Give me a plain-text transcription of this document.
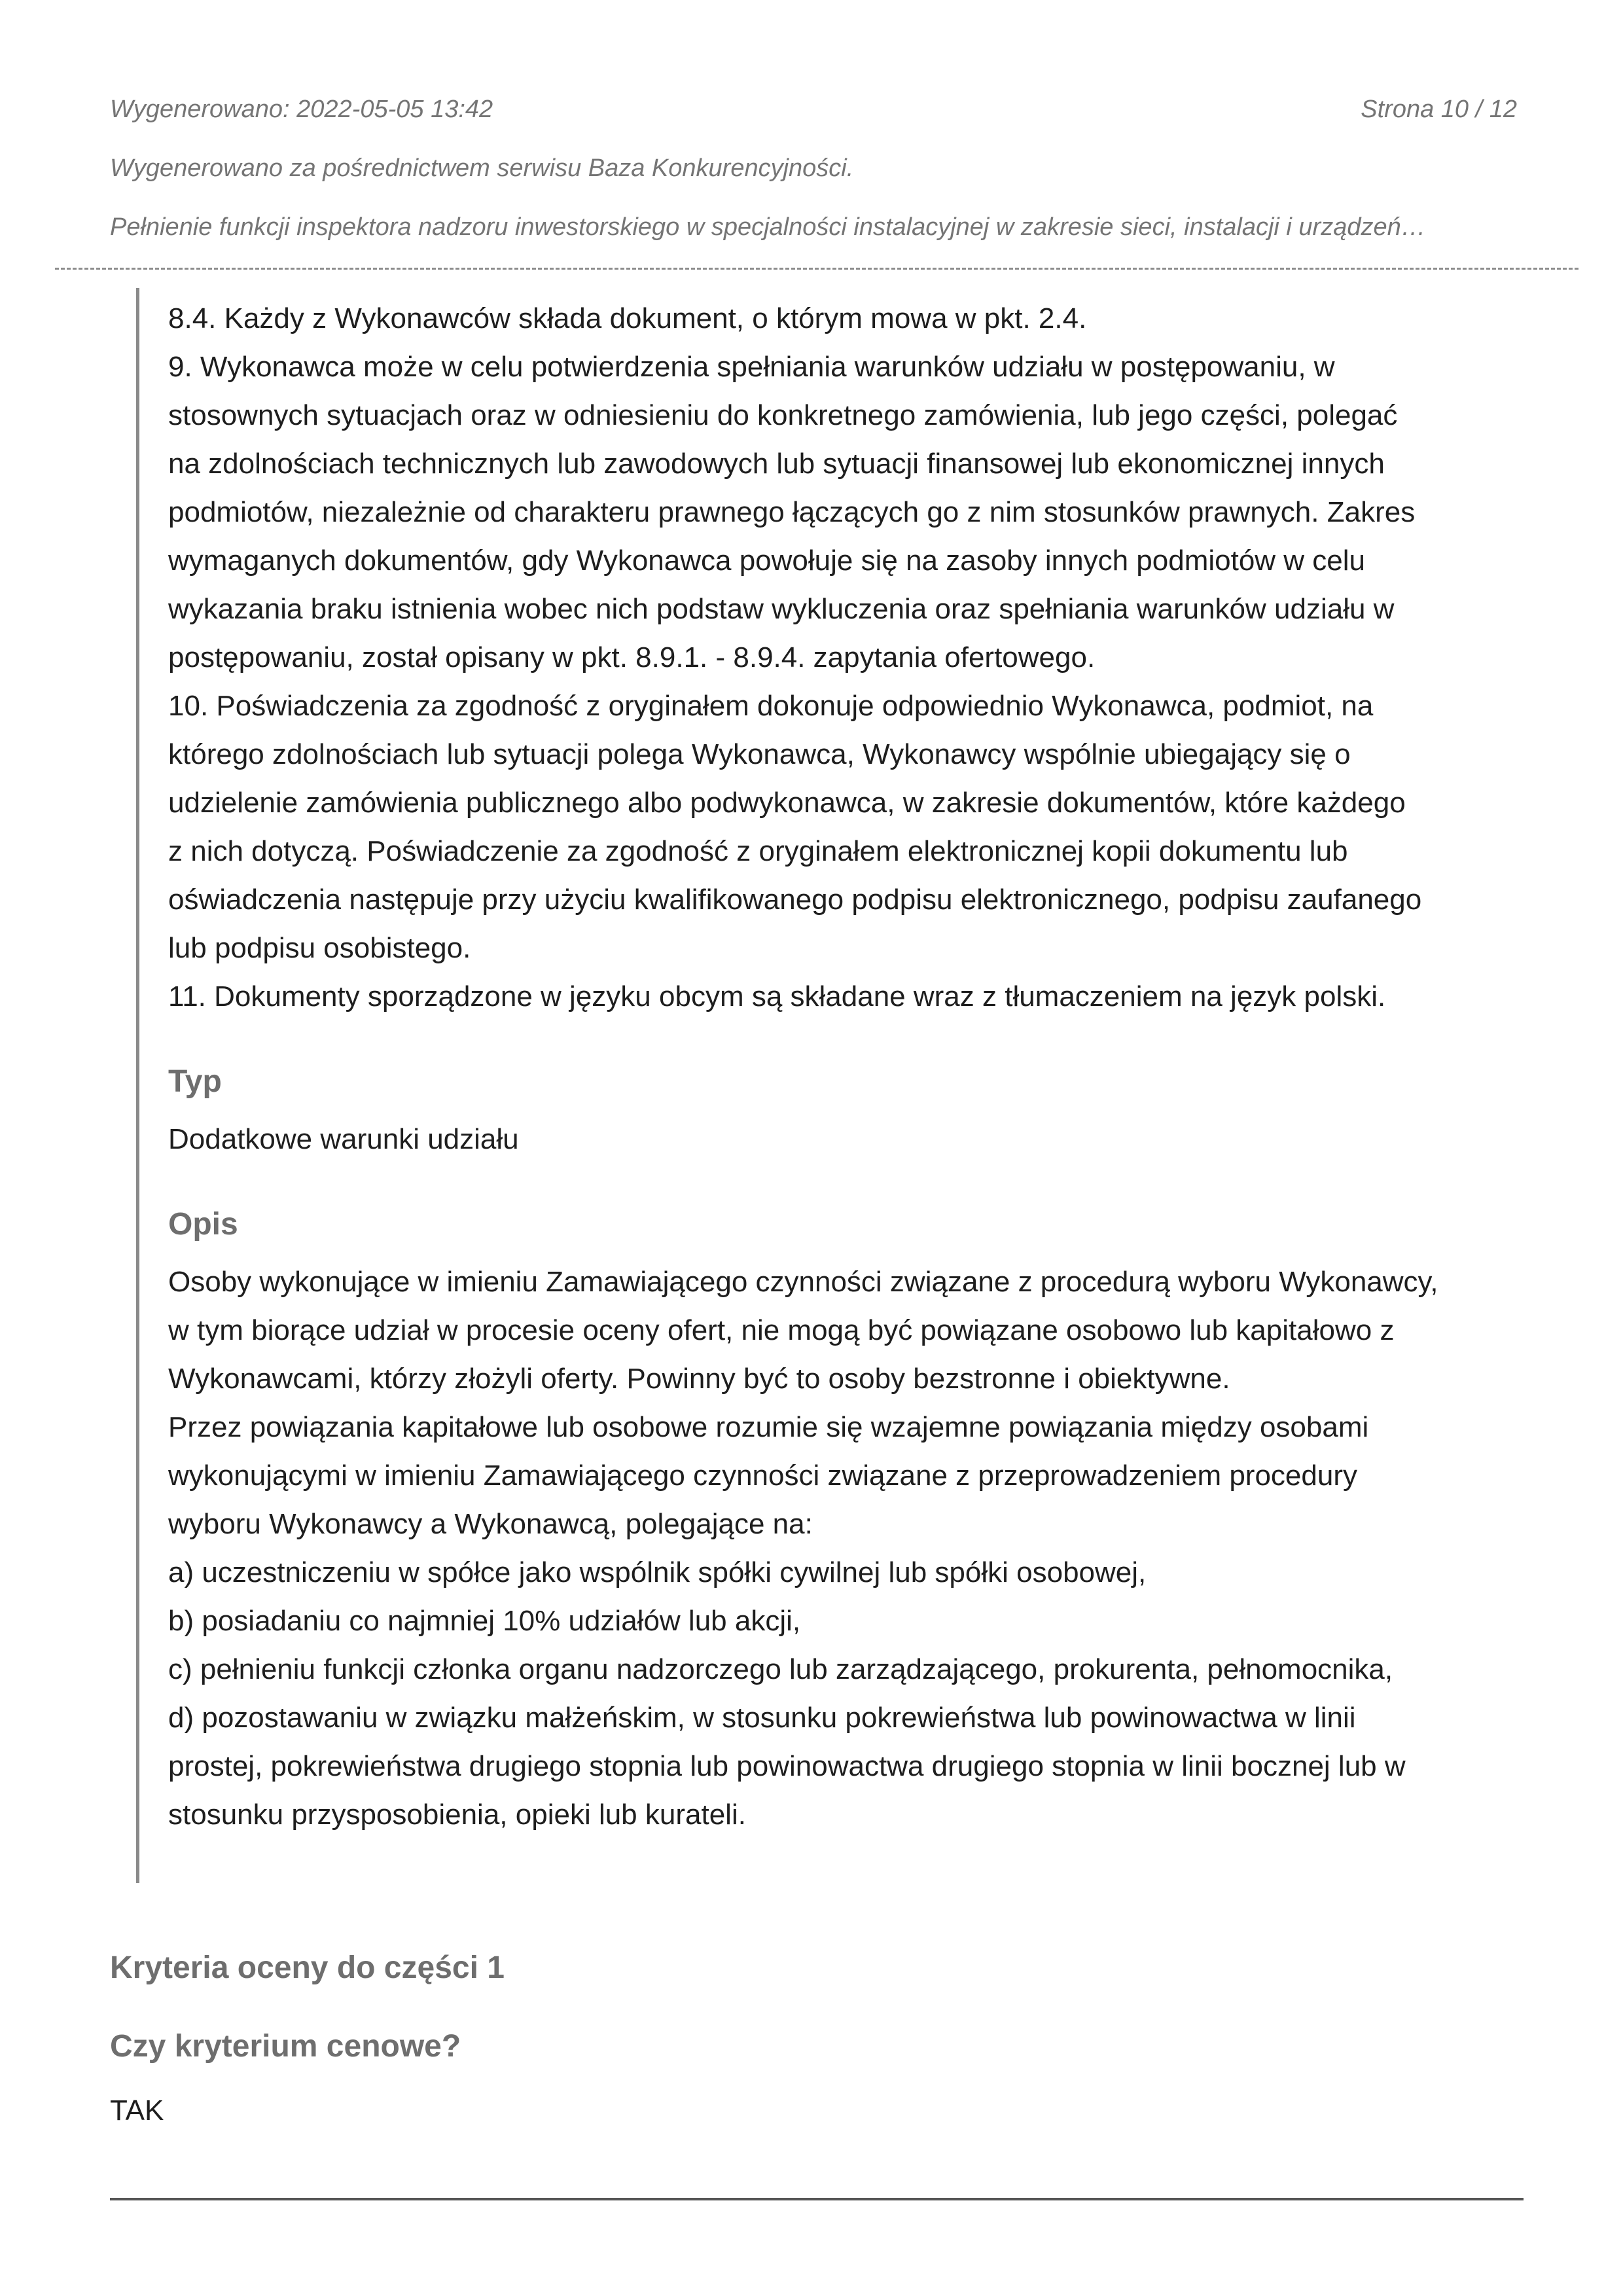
Wygenerowano: 2022-05-05 13:42	Strona 10 / 12
Wygenerowano za pośrednictwem serwisu Baza Konkurencyjności.
Pełnienie funkcji inspektora nadzoru inwestorskiego w specjalności instalacyjnej w zakresie sieci, instalacji i urządzeń…

8.4. Każdy z Wykonawców składa dokument, o którym mowa w pkt. 2.4.
9. Wykonawca może w celu potwierdzenia spełniania warunków udziału w postępowaniu, w
stosownych sytuacjach oraz w odniesieniu do konkretnego zamówienia, lub jego części, polegać
na zdolnościach technicznych lub zawodowych lub sytuacji finansowej lub ekonomicznej innych
podmiotów, niezależnie od charakteru prawnego łączących go z nim stosunków prawnych. Zakres
wymaganych dokumentów, gdy Wykonawca powołuje się na zasoby innych podmiotów w celu
wykazania braku istnienia wobec nich podstaw wykluczenia oraz spełniania warunków udziału w
postępowaniu, został opisany w pkt. 8.9.1. - 8.9.4. zapytania ofertowego.
10. Poświadczenia za zgodność z oryginałem dokonuje odpowiednio Wykonawca, podmiot, na
którego zdolnościach lub sytuacji polega Wykonawca, Wykonawcy wspólnie ubiegający się o
udzielenie zamówienia publicznego albo podwykonawca, w zakresie dokumentów, które każdego
z nich dotyczą. Poświadczenie za zgodność z oryginałem elektronicznej kopii dokumentu lub
oświadczenia następuje przy użyciu kwalifikowanego podpisu elektronicznego, podpisu zaufanego
lub podpisu osobistego.
11. Dokumenty sporządzone w języku obcym są składane wraz z tłumaczeniem na język polski.

Typ

Dodatkowe warunki udziału

Opis

Osoby wykonujące w imieniu Zamawiającego czynności związane z procedurą wyboru Wykonawcy,
w tym biorące udział w procesie oceny ofert, nie mogą być powiązane osobowo lub kapitałowo z
Wykonawcami, którzy złożyli oferty. Powinny być to osoby bezstronne i obiektywne.
Przez powiązania kapitałowe lub osobowe rozumie się wzajemne powiązania między osobami
wykonującymi w imieniu Zamawiającego czynności związane z przeprowadzeniem procedury
wyboru Wykonawcy a Wykonawcą, polegające na:
a) uczestniczeniu w spółce jako wspólnik spółki cywilnej lub spółki osobowej,
b) posiadaniu co najmniej 10% udziałów lub akcji,
c) pełnieniu funkcji członka organu nadzorczego lub zarządzającego, prokurenta, pełnomocnika,
d) pozostawaniu w związku małżeńskim, w stosunku pokrewieństwa lub powinowactwa w linii
prostej, pokrewieństwa drugiego stopnia lub powinowactwa drugiego stopnia w linii bocznej lub w
stosunku przysposobienia, opieki lub kurateli.

Kryteria oceny do części 1
Czy kryterium cenowe?
TAK
